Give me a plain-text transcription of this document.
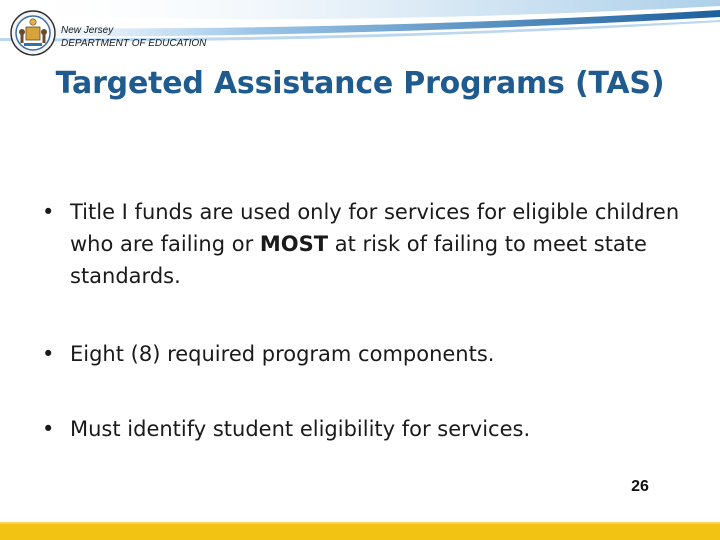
New Jersey
DEPARTMENT OF EDUCATION
Targeted Assistance Programs (TAS)
• Title I funds are used only for services for eligible children who are failing or MOST at risk of failing to meet state standards.
• Eight (8) required program components.
• Must identify student eligibility for services.
26
